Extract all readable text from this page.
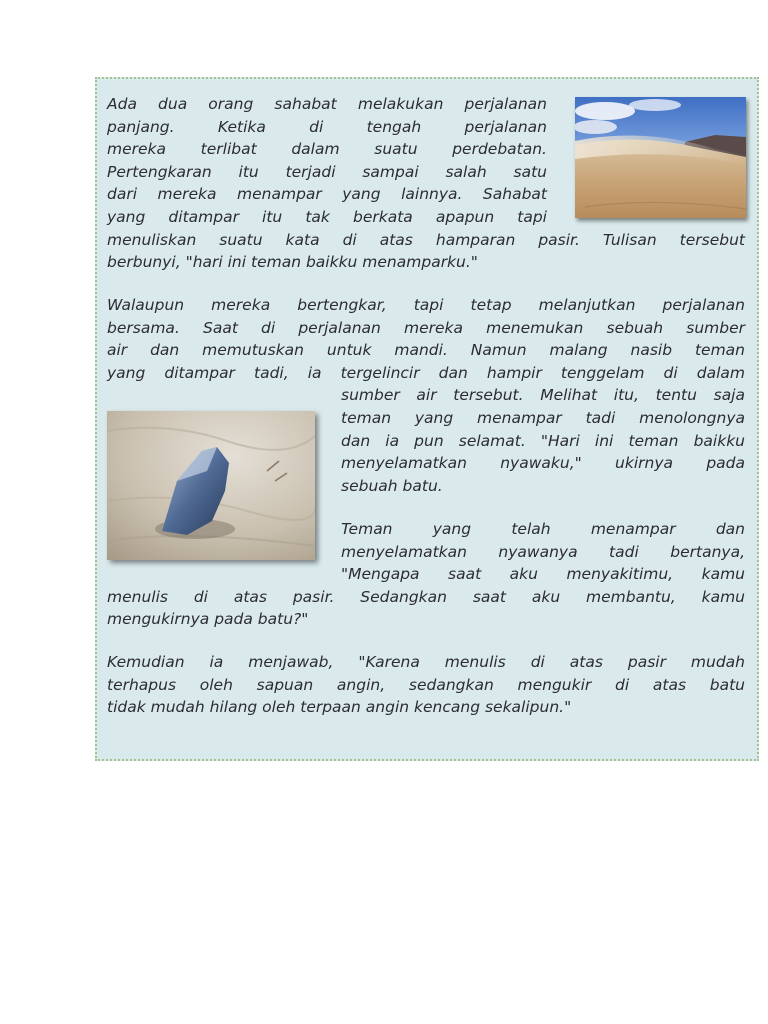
Ada dua orang sahabat melakukan perjalanan
panjang. Ketika di tengah perjalanan
mereka terlibat dalam suatu perdebatan.
Pertengkaran itu terjadi sampai salah satu
dari mereka menampar yang lainnya. Sahabat
yang ditampar itu tak berkata apapun tapi
menuliskan suatu kata di atas hamparan pasir. Tulisan tersebut
berbunyi, "hari ini teman baikku menamparku."
Walaupun mereka bertengkar, tapi tetap melanjutkan perjalanan
bersama. Saat di perjalanan mereka menemukan sebuah sumber
air dan memutuskan untuk mandi. Namun malang nasib teman
yang ditampar tadi, ia tergelincir dan hampir tenggelam di dalam
sumber air tersebut. Melihat itu, tentu saja
teman yang menampar tadi menolongnya
dan ia pun selamat. "Hari ini teman baikku
menyelamatkan nyawaku," ukirnya pada
sebuah batu.
Teman yang telah menampar dan
menyelamatkan nyawanya tadi bertanya,
"Mengapa saat aku menyakitimu, kamu
menulis di atas pasir. Sedangkan saat aku membantu, kamu
mengukirnya pada batu?"
Kemudian ia menjawab, "Karena menulis di atas pasir mudah
terhapus oleh sapuan angin, sedangkan mengukir di atas batu
tidak mudah hilang oleh terpaan angin kencang sekalipun."
